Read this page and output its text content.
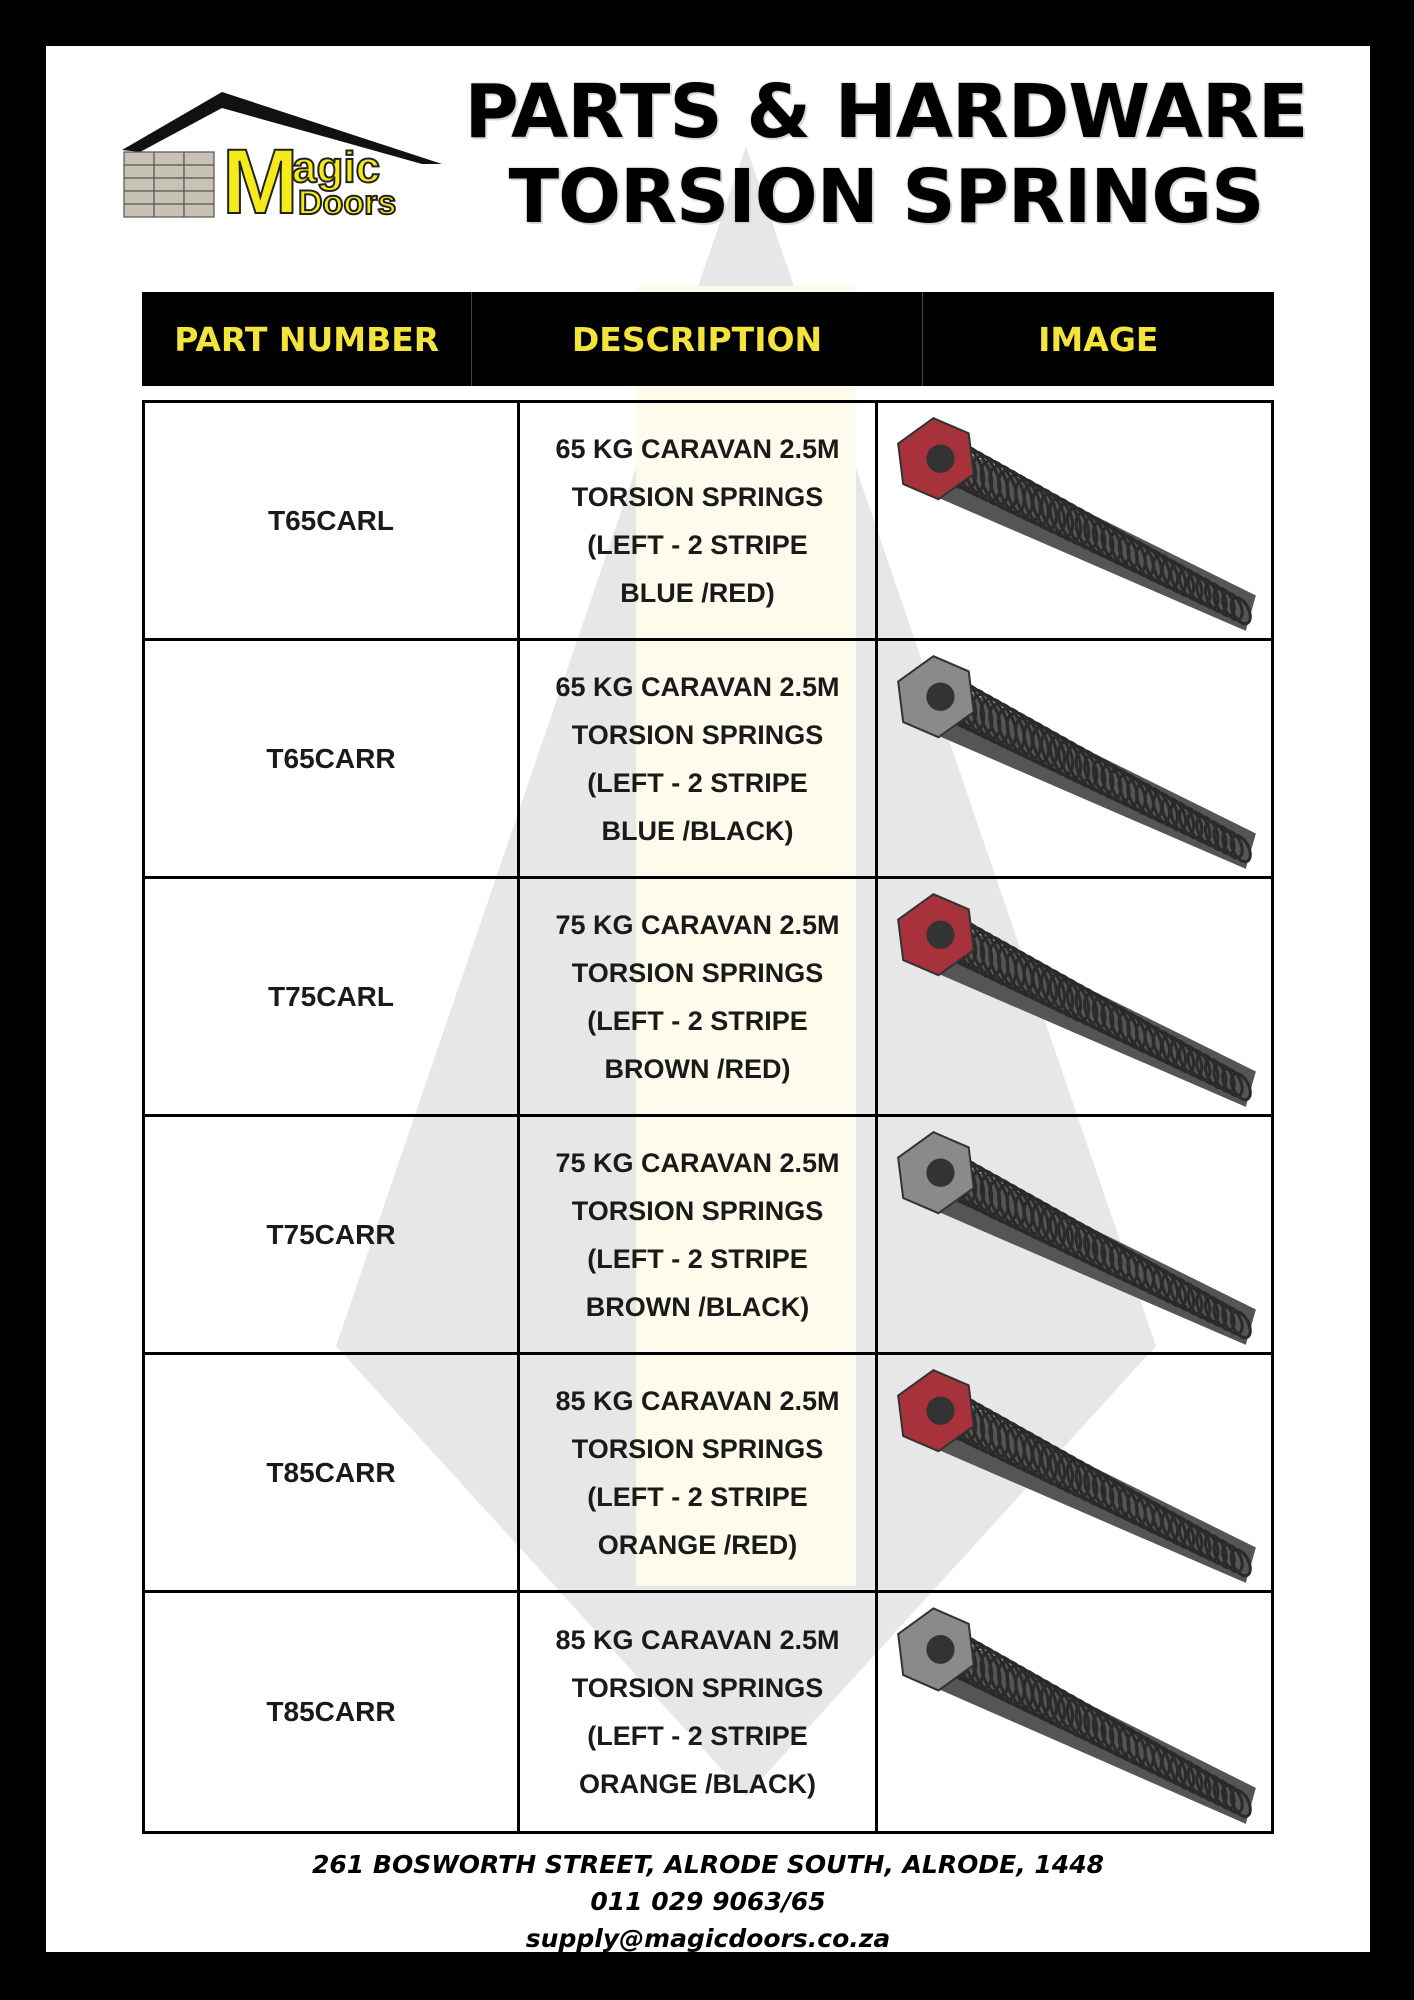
M
agic
Doors
PARTS & HARDWARE
TORSION SPRINGS
PART NUMBER	DESCRIPTION	IMAGE
T65CARL
65 KG CARAVAN 2.5M
TORSION SPRINGS
(LEFT - 2 STRIPE
BLUE /RED)
T65CARR
65 KG CARAVAN 2.5M
TORSION SPRINGS
(LEFT - 2 STRIPE
BLUE /BLACK)
T75CARL
75 KG CARAVAN 2.5M
TORSION SPRINGS
(LEFT - 2 STRIPE
BROWN /RED)
T75CARR
75 KG CARAVAN 2.5M
TORSION SPRINGS
(LEFT - 2 STRIPE
BROWN /BLACK)
T85CARR
85 KG CARAVAN 2.5M
TORSION SPRINGS
(LEFT - 2 STRIPE
ORANGE /RED)
T85CARR
85 KG CARAVAN 2.5M
TORSION SPRINGS
(LEFT - 2 STRIPE
ORANGE /BLACK)
261 BOSWORTH STREET, ALRODE SOUTH, ALRODE, 1448
011 029 9063/65
supply@magicdoors.co.za
